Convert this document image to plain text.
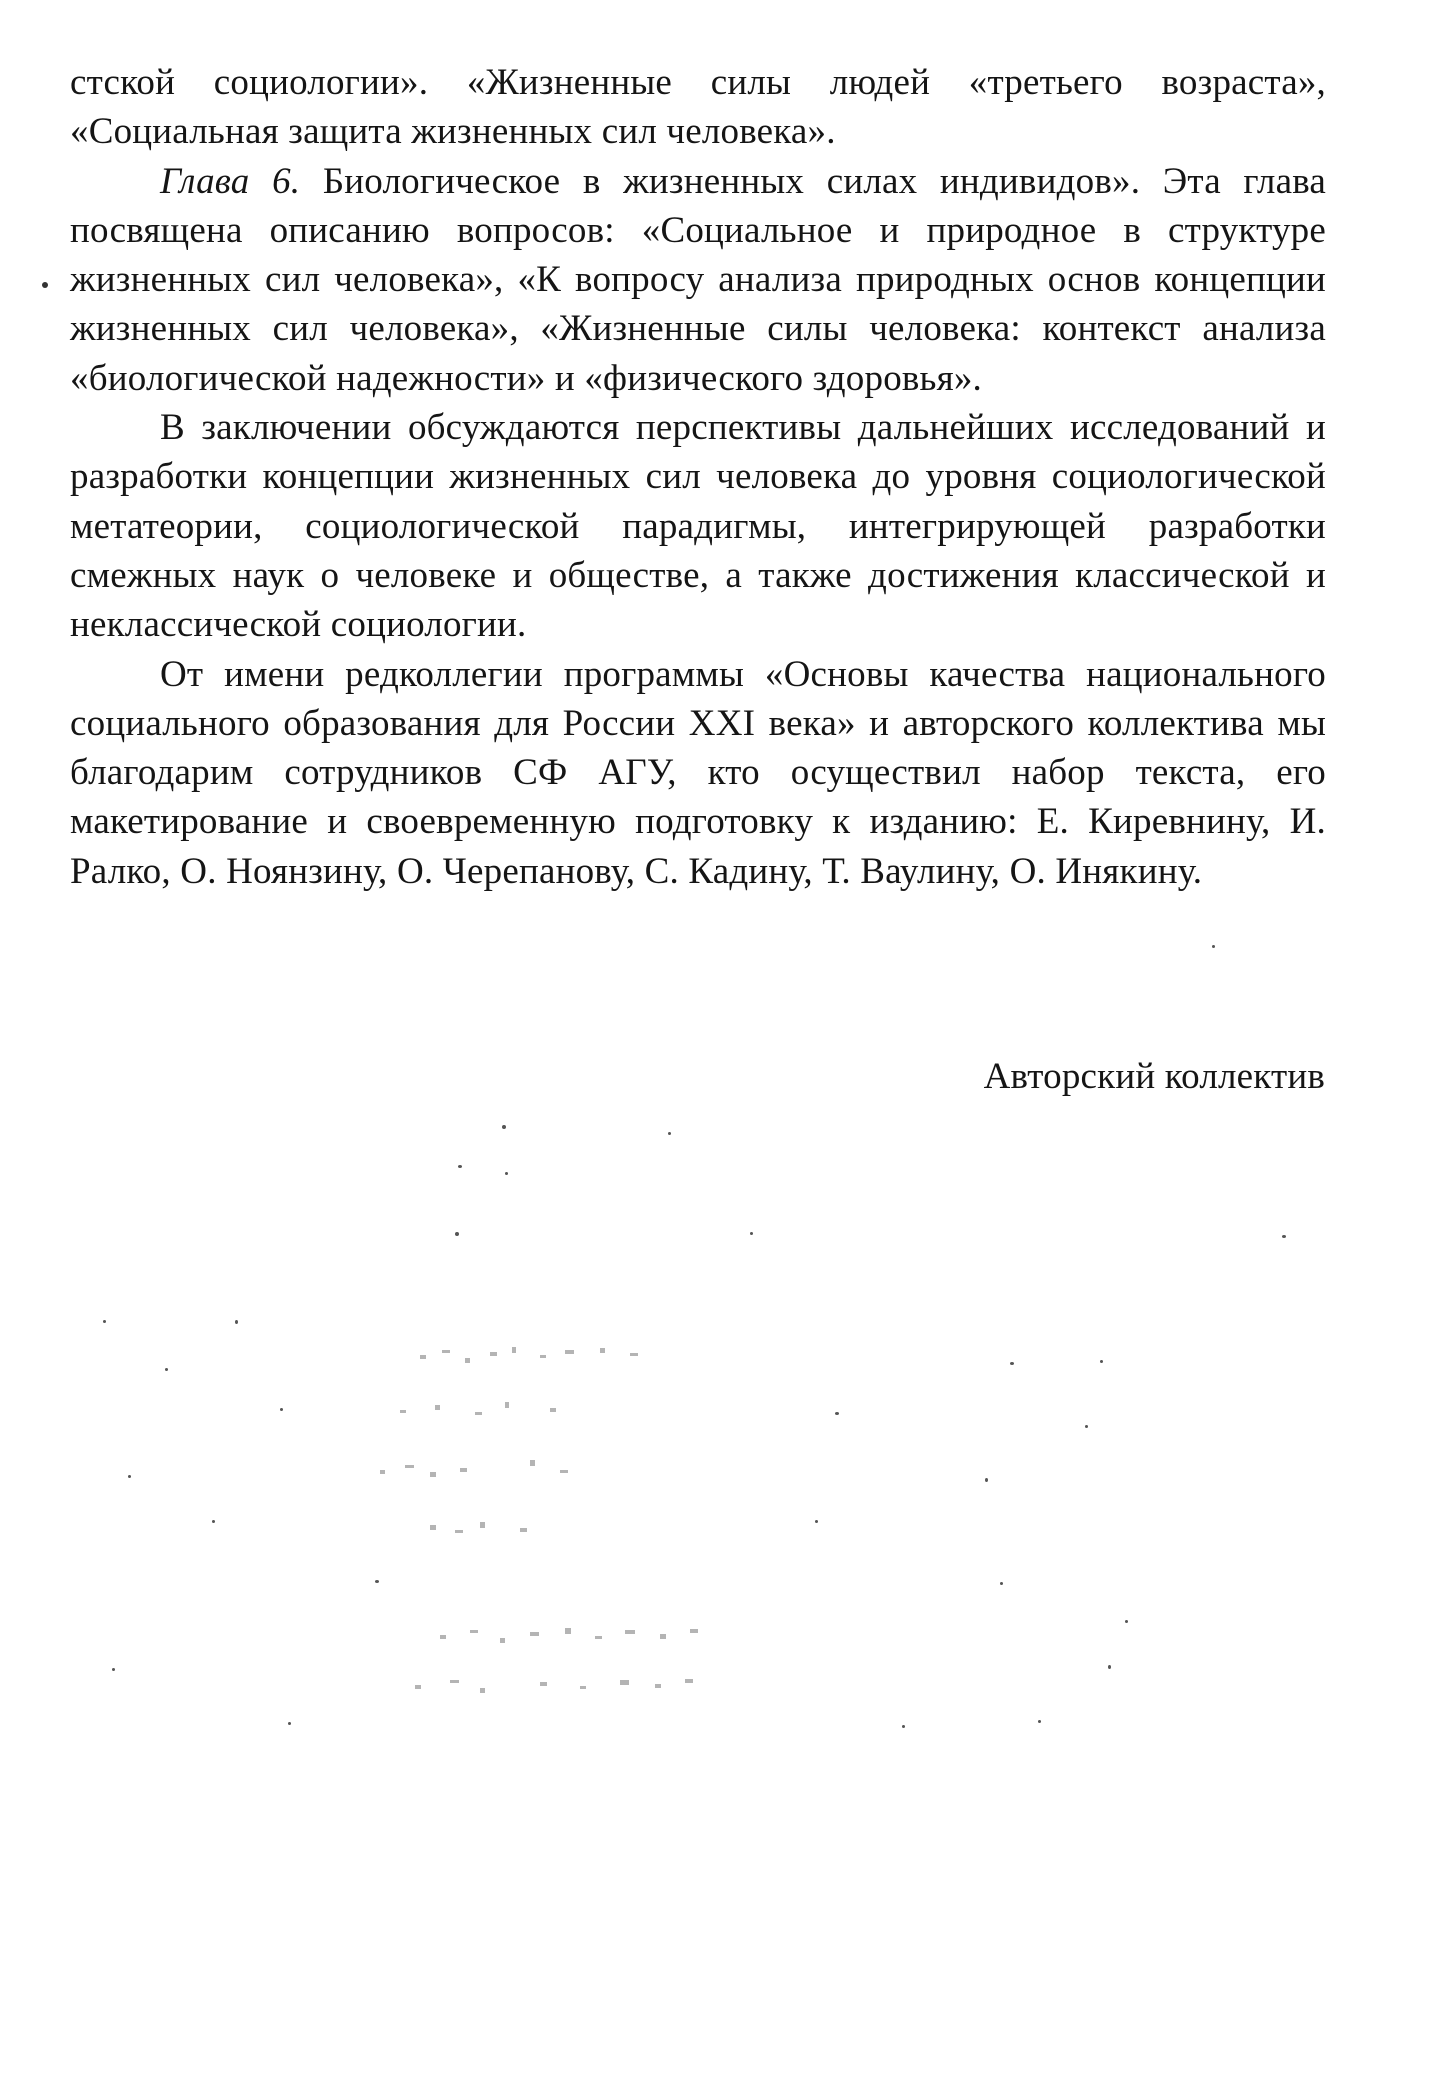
стской социологии». «Жизненные силы людей «третьего возраста», «Социальная защита жизненных сил человека».

Глава 6. Биологическое в жизненных силах индивидов». Эта глава посвящена описанию вопросов: «Социальное и природное в структуре жизненных сил человека», «К вопросу анализа природных основ концепции жизненных сил человека», «Жизненные силы человека: контекст анализа «биологической надежности» и «физического здоровья».

В заключении обсуждаются перспективы дальнейших исследований и разработки концепции жизненных сил человека до уровня социологической метатеории, социологической парадигмы, интегрирующей разработки смежных наук о человеке и обществе, а также достижения классической и неклассической социологии.

От имени редколлегии программы «Основы качества национального социального образования для России XXI века» и авторского коллектива мы благодарим сотрудников СФ АГУ, кто осуществил набор текста, его макетирование и своевременную подготовку к изданию: Е. Киревнину, И. Ралко, О. Ноянзину, О. Черепанову, С. Кадину, Т. Ваулину, О. Инякину.

Авторский коллектив
